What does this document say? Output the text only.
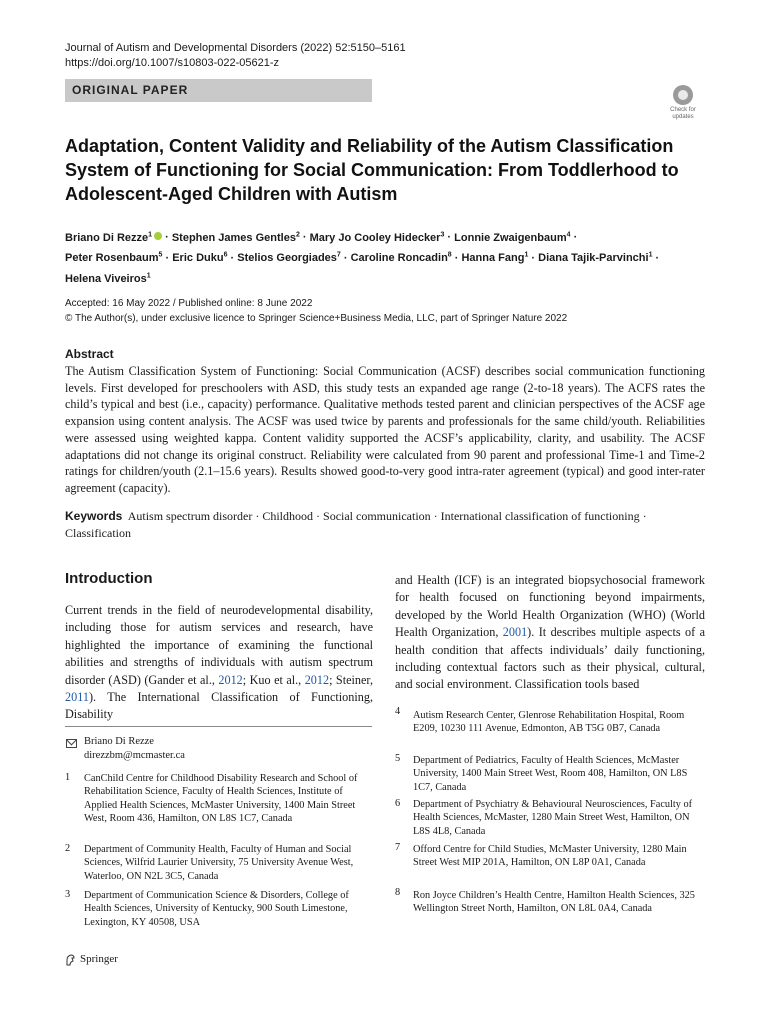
Journal of Autism and Developmental Disorders (2022) 52:5150–5161
https://doi.org/10.1007/s10803-022-05621-z
ORIGINAL PAPER
Check for
updates
Adaptation, Content Validity and Reliability of the Autism Classification System of Functioning for Social Communication: From Toddlerhood to Adolescent-Aged Children with Autism
Briano Di Rezze$^1$ · Stephen James Gentles$^2$ · Mary Jo Cooley Hidecker$^3$ · Lonnie Zwaigenbaum$^4$ ·
Peter Rosenbaum$^5$ · Eric Duku$^6$ · Stelios Georgiades$^7$ · Caroline Roncadin$^8$ · Hanna Fang$^1$ · Diana Tajik-Parvinchi$^1$ ·
Helena Viveiros$^1$
Accepted: 16 May 2022 / Published online: 8 June 2022
© The Author(s), under exclusive licence to Springer Science+Business Media, LLC, part of Springer Nature 2022
Abstract
The Autism Classification System of Functioning: Social Communication (ACSF) describes social communication functioning levels. First developed for preschoolers with ASD, this study tests an expanded age range (2-to-18 years). The ACFS rates the child’s typical and best (i.e., capacity) performance. Qualitative methods tested parent and clinician perspectives of the ACSF age expansion using content analysis. The ACSF was used twice by parents and professionals for the same child/youth. Reliabilities were assessed using weighted kappa. Content validity supported the ACSF’s applicability, clarity, and usability. The ACSF adaptations did not change its original construct. Reliability were calculated from 90 parent and professional Time-1 and Time-2 ratings for children/youth (2.1–15.6 years). Results showed good-to-very good intra-rater agreement (typical) and good inter-rater agreement (capacity).
Keywords Autism spectrum disorder · Childhood · Social communication · International classification of functioning · Classification
Introduction
Current trends in the field of neurodevelopmental disability, including those for autism services and research, have highlighted the importance of examining the functional abilities and strengths of individuals with autism spectrum disorder (ASD) (Gander et al., 2012; Kuo et al., 2012; Steiner, 2011). The International Classification of Functioning, Disability
and Health (ICF) is an integrated biopsychosocial framework for health focused on functioning beyond impairments, developed by the World Health Organization (WHO) (World Health Organization, 2001). It describes multiple aspects of a health condition that affects individuals’ daily functioning, including contextual factors such as their physical, cultural, and social environment. Classification tools based
Briano Di Rezze
direzzbm@mcmaster.ca
1	CanChild Centre for Childhood Disability Research and School of Rehabilitation Science, Faculty of Health Sciences, Institute of Applied Health Sciences, McMaster University, 1400 Main Street West, Room 436, Hamilton, ON L8S 1C7, Canada
2	Department of Community Health, Faculty of Human and Social Sciences, Wilfrid Laurier University, 75 University Avenue West, Waterloo, ON N2L 3C5, Canada
3	Department of Communication Science & Disorders, College of Health Sciences, University of Kentucky, 900 South Limestone, Lexington, KY 40508, USA
4	Autism Research Center, Glenrose Rehabilitation Hospital, Room E209, 10230 111 Avenue, Edmonton, AB T5G 0B7, Canada
5	Department of Pediatrics, Faculty of Health Sciences, McMaster University, 1400 Main Street West, Room 408, Hamilton, ON L8S 1C7, Canada
6	Department of Psychiatry & Behavioural Neurosciences, Faculty of Health Sciences, McMaster, 1280 Main Street West, Hamilton, ON L8S 4L8, Canada
7	Offord Centre for Child Studies, McMaster University, 1280 Main Street West MIP 201A, Hamilton, ON L8P 0A1, Canada
8	Ron Joyce Children’s Health Centre, Hamilton Health Sciences, 325 Wellington Street North, Hamilton, ON L8L 0A4, Canada
Springer
